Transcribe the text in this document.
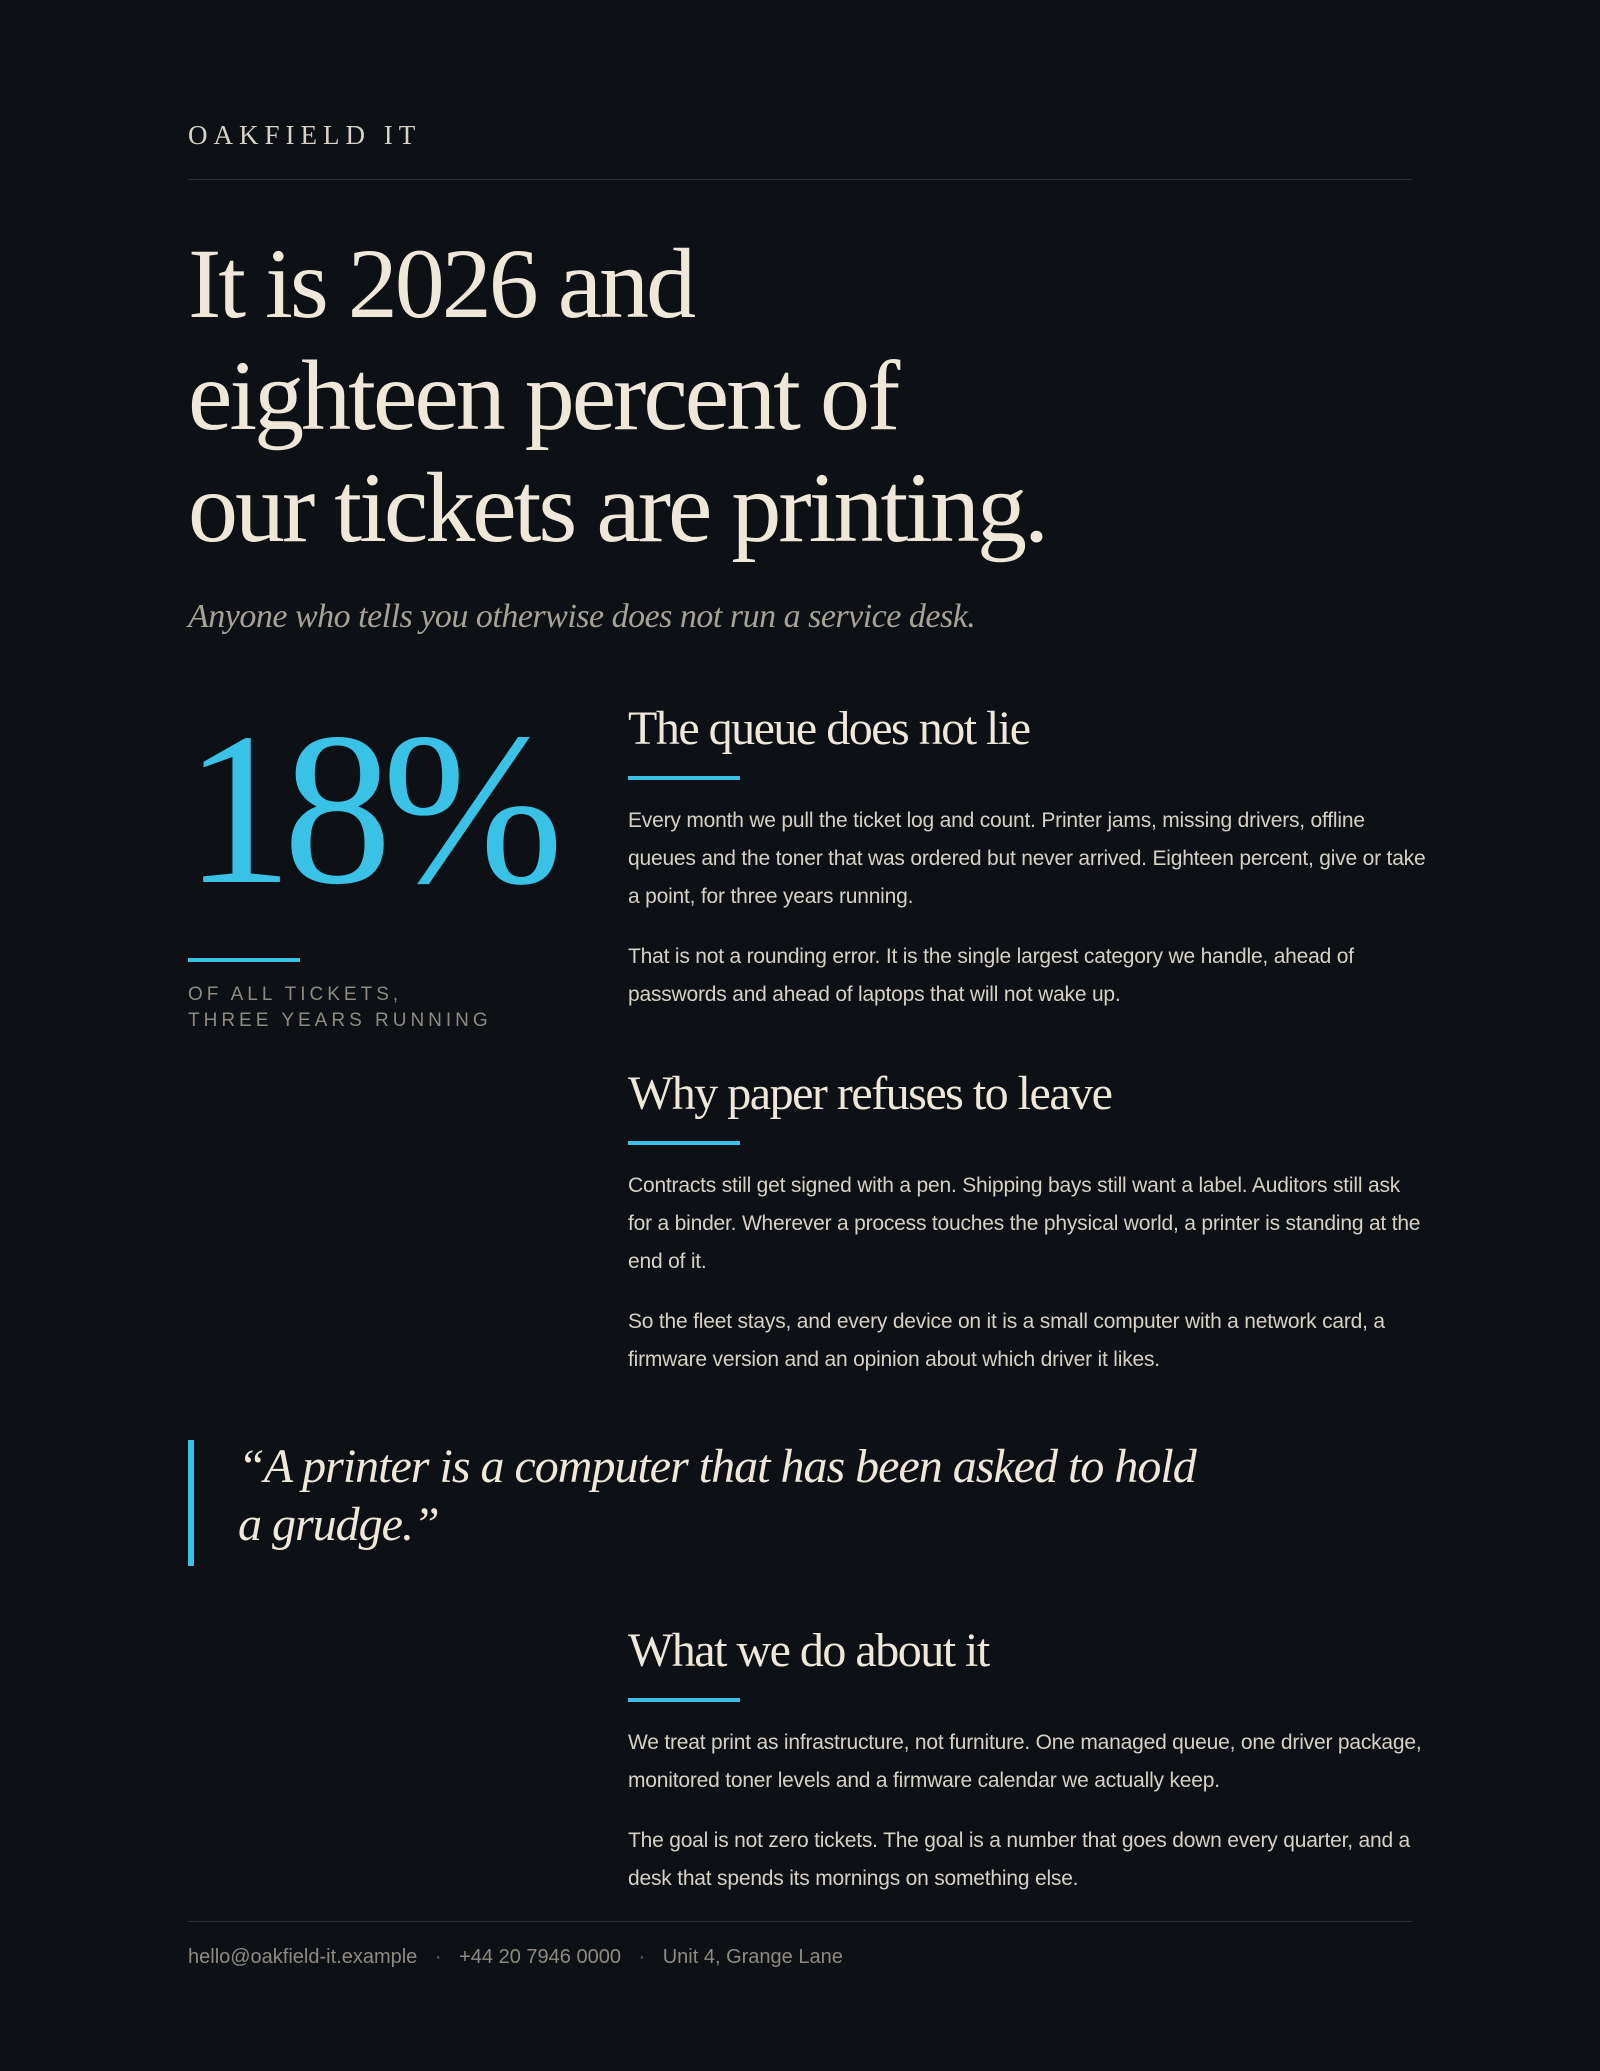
OAKFIELD IT
It is 2026 and
eighteen percent of
our tickets are printing.
Anyone who tells you otherwise does not run a service desk.
18%
OF ALL TICKETS,
THREE YEARS RUNNING
The queue does not lie

Every month we pull the ticket log and count. Printer jams, missing drivers, offline queues and the toner that was ordered but never arrived. Eighteen percent, give or take a point, for three years running.

That is not a rounding error. It is the single largest category we handle, ahead of passwords and ahead of laptops that will not wake up.

Why paper refuses to leave

Contracts still get signed with a pen. Shipping bays still want a label. Auditors still ask for a binder. Wherever a process touches the physical world, a printer is standing at the end of it.

So the fleet stays, and every device on it is a small computer with a network card, a firmware version and an opinion about which driver it likes.

“A printer is a computer that has been asked to hold a grudge.”
What we do about it

We treat print as infrastructure, not furniture. One managed queue, one driver package, monitored toner levels and a firmware calendar we actually keep.

The goal is not zero tickets. The goal is a number that goes down every quarter, and a desk that spends its mornings on something else.

hello@oakfield-it.example · +44 20 7946 0000 · Unit 4, Grange Lane
